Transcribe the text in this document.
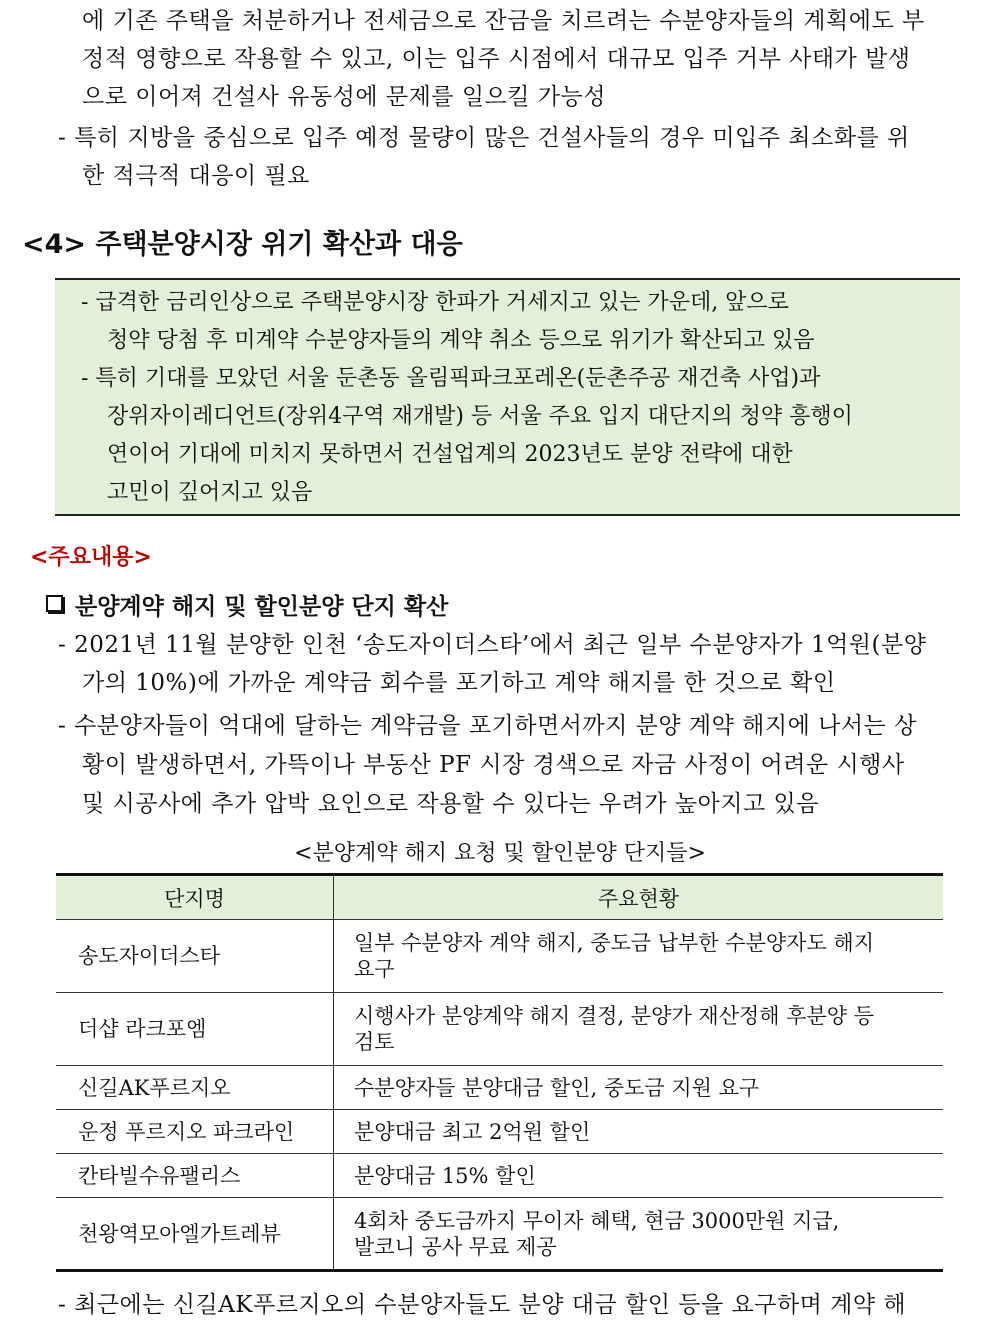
에 기존 주택을 처분하거나 전세금으로 잔금을 치르려는 수분양자들의 계획에도 부
정적 영향으로 작용할 수 있고, 이는 입주 시점에서 대규모 입주 거부 사태가 발생
으로 이어져 건설사 유동성에 문제를 일으킬 가능성
- 특히 지방을 중심으로 입주 예정 물량이 많은 건설사들의 경우 미입주 최소화를 위
한 적극적 대응이 필요
<4> 주택분양시장 위기 확산과 대응
- 급격한 금리인상으로 주택분양시장 한파가 거세지고 있는 가운데, 앞으로
청약 당첨 후 미계약 수분양자들의 계약 취소 등으로 위기가 확산되고 있음
- 특히 기대를 모았던 서울 둔촌동 올림픽파크포레온(둔촌주공 재건축 사업)과
장위자이레디언트(장위4구역 재개발) 등 서울 주요 입지 대단지의 청약 흥행이
연이어 기대에 미치지 못하면서 건설업계의 2023년도 분양 전략에 대한
고민이 깊어지고 있음
<주요내용>
분양계약 해지 및 할인분양 단지 확산
- 2021년 11월 분양한 인천 ‘송도자이더스타’에서 최근 일부 수분양자가 1억원(분양
가의 10%)에 가까운 계약금 회수를 포기하고 계약 해지를 한 것으로 확인
- 수분양자들이 억대에 달하는 계약금을 포기하면서까지 분양 계약 해지에 나서는 상
황이 발생하면서, 가뜩이나 부동산 PF 시장 경색으로 자금 사정이 어려운 시행사
및 시공사에 추가 압박 요인으로 작용할 수 있다는 우려가 높아지고 있음
<분양계약 해지 요청 및 할인분양 단지들>
단지명	주요현황
송도자이더스타	일부 수분양자 계약 해지, 중도금 납부한 수분양자도 해지
요구

더샵 라크포엠	시행사가 분양계약 해지 결정, 분양가 재산정해 후분양 등
검토

신길AK푸르지오	수분양자들 분양대금 할인, 중도금 지원 요구
운정 푸르지오 파크라인	분양대금 최고 2억원 할인
칸타빌수유팰리스	분양대금 15% 할인
천왕역모아엘가트레뷰	4회차 중도금까지 무이자 혜택, 현금 3000만원 지급,
발코니 공사 무료 제공
- 최근에는 신길AK푸르지오의 수분양자들도 분양 대금 할인 등을 요구하며 계약 해
